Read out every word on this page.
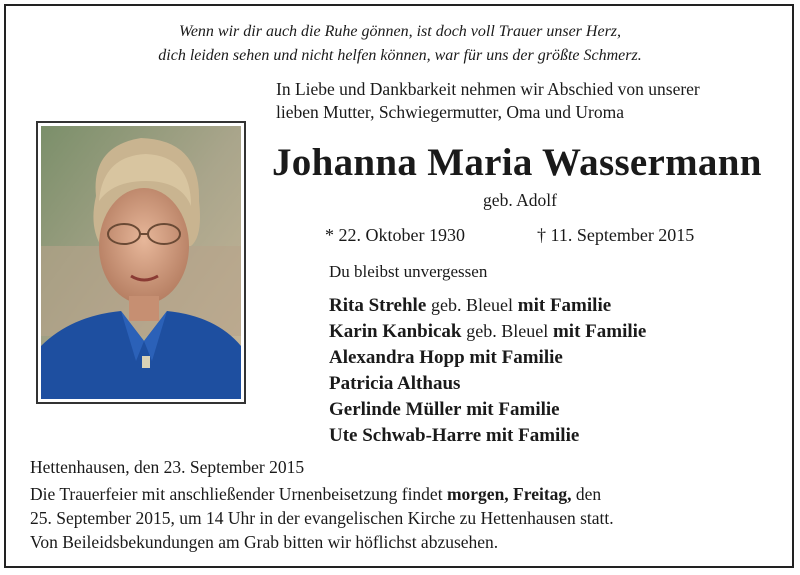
Wenn wir dir auch die Ruhe gönnen, ist doch voll Trauer unser Herz,
dich leiden sehen und nicht helfen können, war für uns der größte Schmerz.
In Liebe und Dankbarkeit nehmen wir Abschied von unserer
lieben Mutter, Schwiegermutter, Oma und Uroma
Johanna Maria Wassermann
geb. Adolf
* 22. Oktober 1930	† 11. September 2015
Du bleibst unvergessen
Rita Strehle geb. Bleuel mit Familie
Karin Kanbicak geb. Bleuel mit Familie
Alexandra Hopp mit Familie
Patricia Althaus
Gerlinde Müller mit Familie
Ute Schwab-Harre mit Familie
Hettenhausen, den 23. September 2015
Die Trauerfeier mit anschließender Urnenbeisetzung findet morgen, Freitag, den
25. September 2015, um 14 Uhr in der evangelischen Kirche zu Hettenhausen statt.
Von Beileidsbekundungen am Grab bitten wir höflichst abzusehen.
